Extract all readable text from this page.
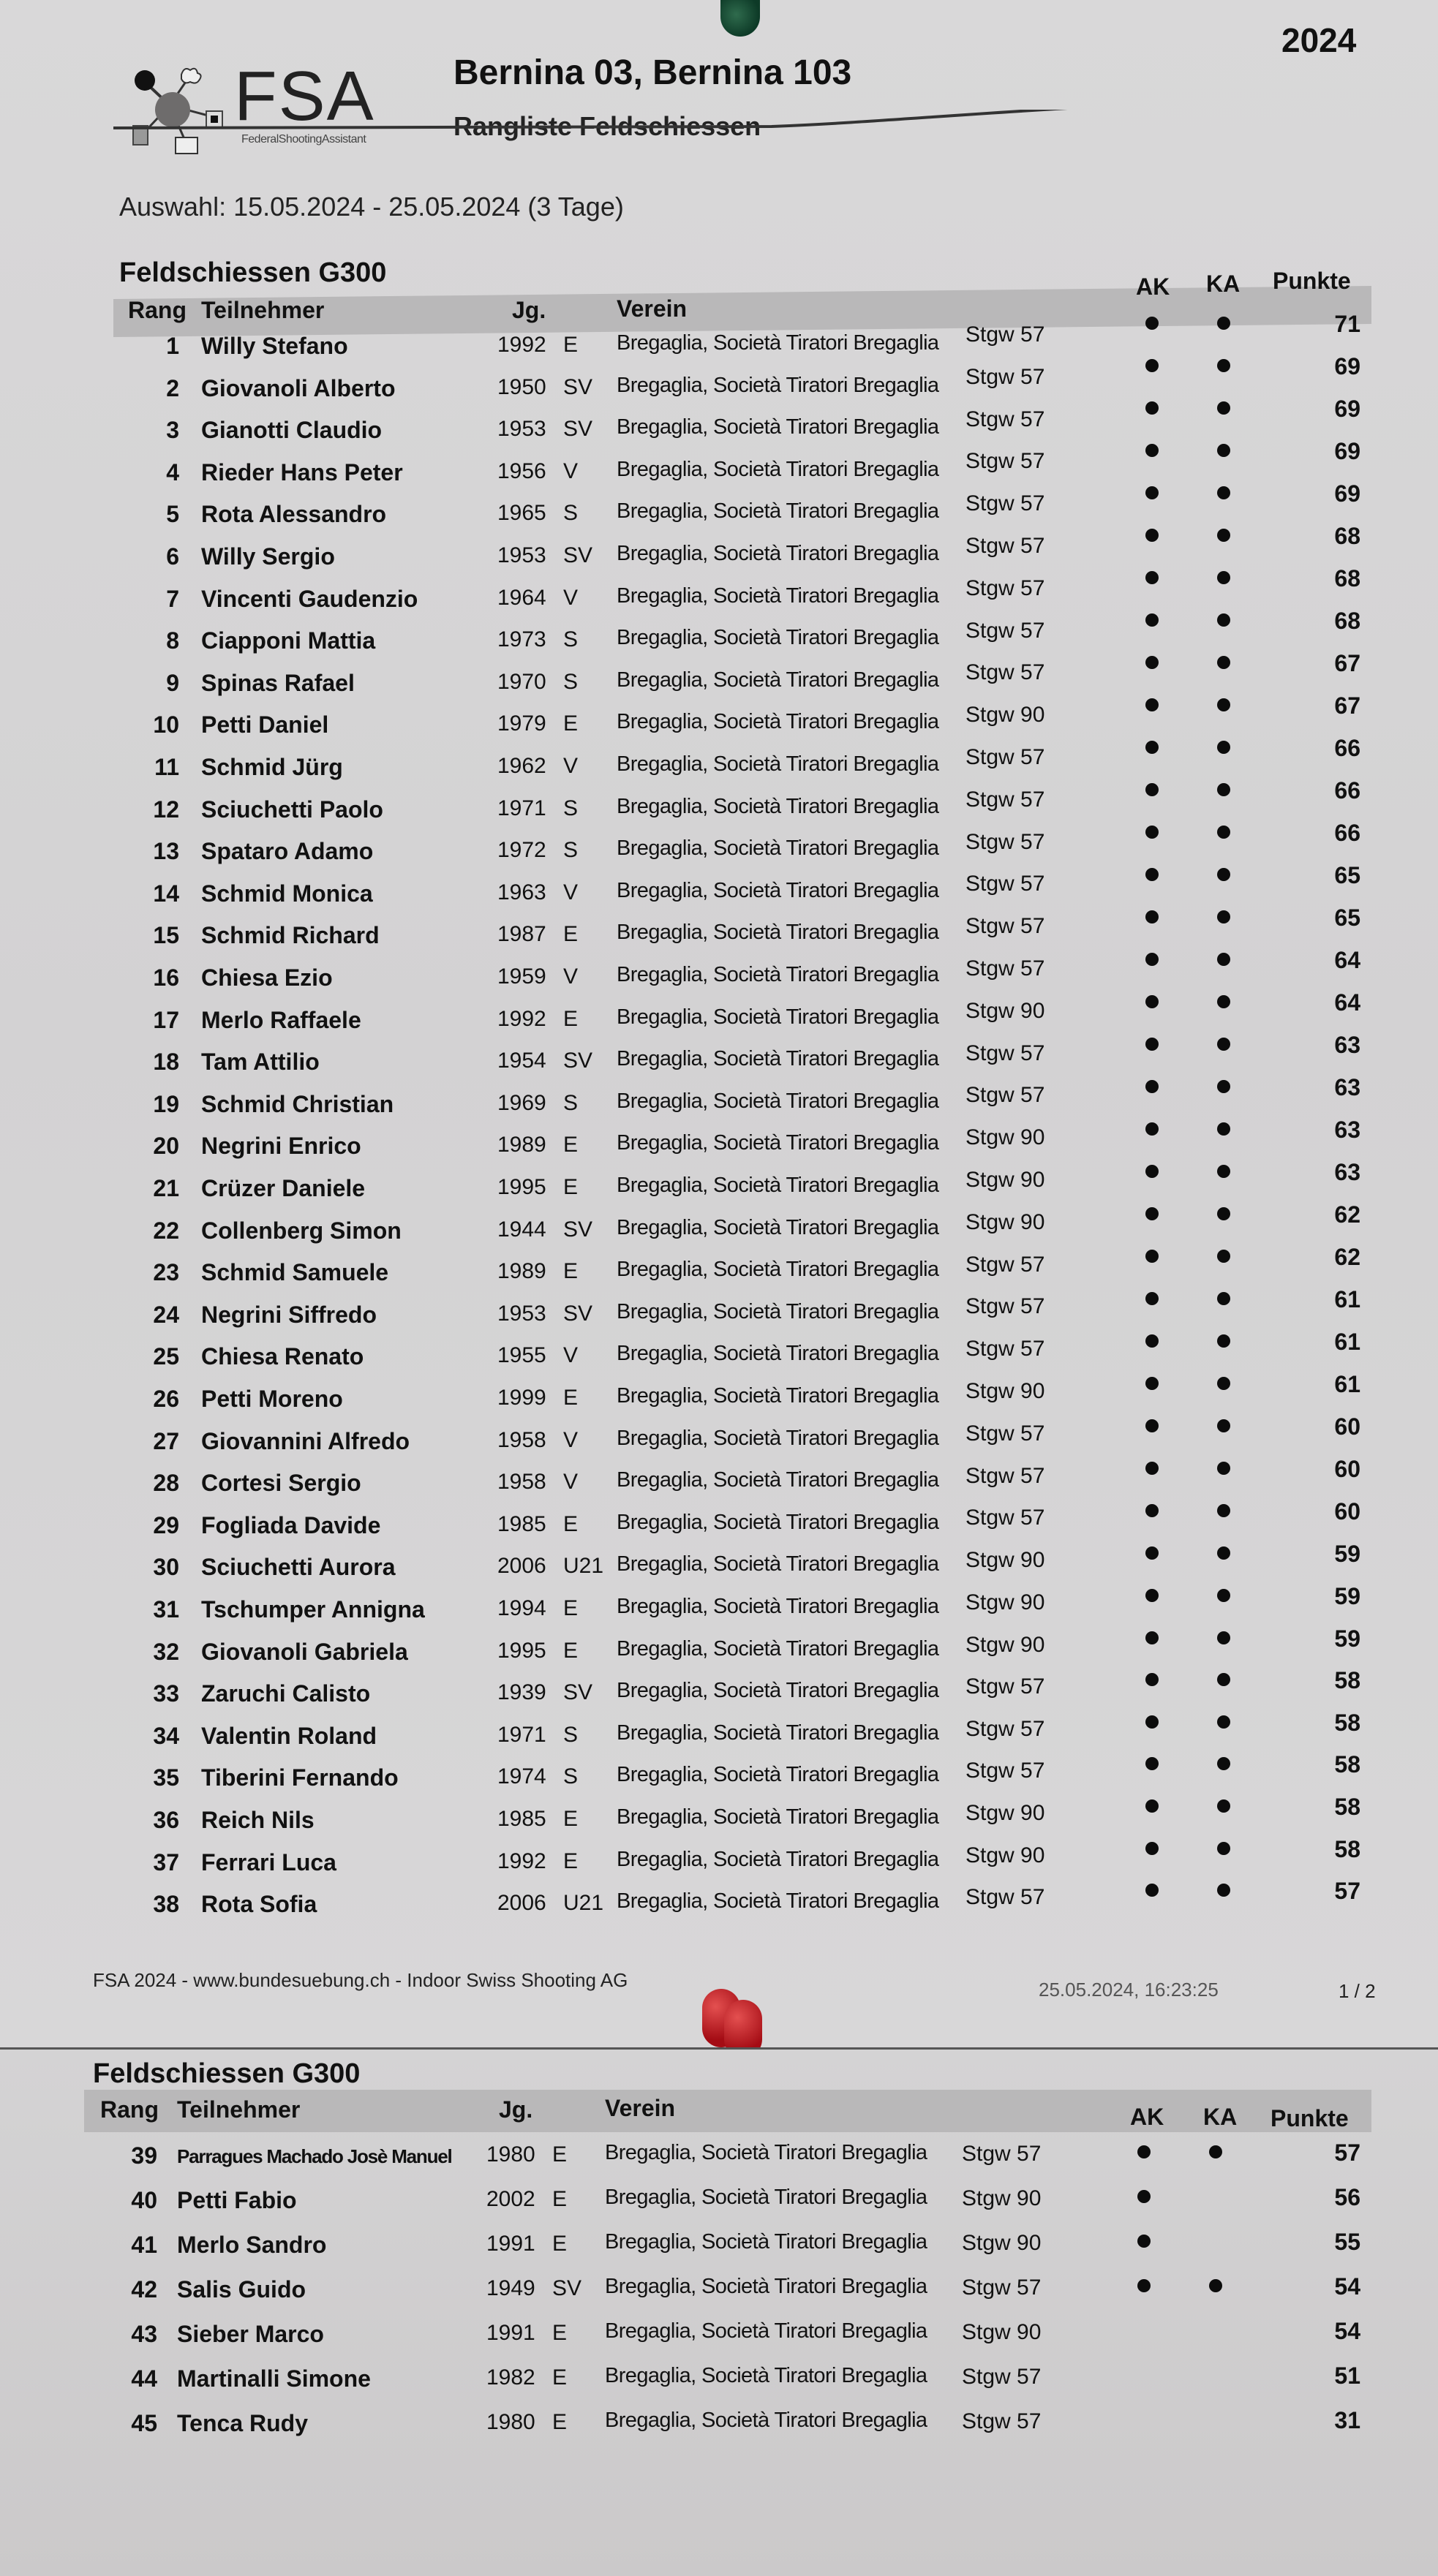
FSA
FederalShootingAssistant
Bernina 03, Bernina 103
Rangliste Feldschiessen
2024
Auswahl: 15.05.2024 - 25.05.2024 (3 Tage)
Feldschiessen G300
Rang Teilnehmer	Jg.	Verein
AK KA Punkte
1 Willy Stefano	1992 E Bregaglia, Società Tiratori Bregaglia Stgw 57	71
2 Giovanoli Alberto	1950 SV Bregaglia, Società Tiratori Bregaglia Stgw 57	69
3 Gianotti Claudio	1953 SV Bregaglia, Società Tiratori Bregaglia Stgw 57	69
4 Rieder Hans Peter	1956 V Bregaglia, Società Tiratori Bregaglia Stgw 57	69
5 Rota Alessandro	1965 S Bregaglia, Società Tiratori Bregaglia Stgw 57	69
6 Willy Sergio	1953 SV Bregaglia, Società Tiratori Bregaglia Stgw 57	68
7 Vincenti Gaudenzio	1964 V Bregaglia, Società Tiratori Bregaglia Stgw 57	68
8 Ciapponi Mattia	1973 S Bregaglia, Società Tiratori Bregaglia Stgw 57	68
9 Spinas Rafael	1970 S Bregaglia, Società Tiratori Bregaglia Stgw 57	67
10 Petti Daniel	1979 E Bregaglia, Società Tiratori Bregaglia Stgw 90	67
11 Schmid Jürg	1962 V Bregaglia, Società Tiratori Bregaglia Stgw 57	66
12 Sciuchetti Paolo	1971 S Bregaglia, Società Tiratori Bregaglia Stgw 57	66
13 Spataro Adamo	1972 S Bregaglia, Società Tiratori Bregaglia Stgw 57	66
14 Schmid Monica	1963 V Bregaglia, Società Tiratori Bregaglia Stgw 57	65
15 Schmid Richard	1987 E Bregaglia, Società Tiratori Bregaglia Stgw 57	65
16 Chiesa Ezio	1959 V Bregaglia, Società Tiratori Bregaglia Stgw 57	64
17 Merlo Raffaele	1992 E Bregaglia, Società Tiratori Bregaglia Stgw 90	64
18 Tam Attilio	1954 SV Bregaglia, Società Tiratori Bregaglia Stgw 57	63
19 Schmid Christian	1969 S Bregaglia, Società Tiratori Bregaglia Stgw 57	63
20 Negrini Enrico	1989 E Bregaglia, Società Tiratori Bregaglia Stgw 90	63
21 Crüzer Daniele	1995 E Bregaglia, Società Tiratori Bregaglia Stgw 90	63
22 Collenberg Simon	1944 SV Bregaglia, Società Tiratori Bregaglia Stgw 90	62
23 Schmid Samuele	1989 E Bregaglia, Società Tiratori Bregaglia Stgw 57	62
24 Negrini Siffredo	1953 SV Bregaglia, Società Tiratori Bregaglia Stgw 57	61
25 Chiesa Renato	1955 V Bregaglia, Società Tiratori Bregaglia Stgw 57	61
26 Petti Moreno	1999 E Bregaglia, Società Tiratori Bregaglia Stgw 90	61
27 Giovannini Alfredo	1958 V Bregaglia, Società Tiratori Bregaglia Stgw 57	60
28 Cortesi Sergio	1958 V Bregaglia, Società Tiratori Bregaglia Stgw 57	60
29 Fogliada Davide	1985 E Bregaglia, Società Tiratori Bregaglia Stgw 57	60
30 Sciuchetti Aurora	2006 U21 Bregaglia, Società Tiratori Bregaglia Stgw 90	59
31 Tschumper Annigna	1994 E Bregaglia, Società Tiratori Bregaglia Stgw 90	59
32 Giovanoli Gabriela	1995 E Bregaglia, Società Tiratori Bregaglia Stgw 90	59
33 Zaruchi Calisto	1939 SV Bregaglia, Società Tiratori Bregaglia Stgw 57	58
34 Valentin Roland	1971 S Bregaglia, Società Tiratori Bregaglia Stgw 57	58
35 Tiberini Fernando	1974 S Bregaglia, Società Tiratori Bregaglia Stgw 57	58
36 Reich Nils	1985 E Bregaglia, Società Tiratori Bregaglia Stgw 90	58
37 Ferrari Luca	1992 E Bregaglia, Società Tiratori Bregaglia Stgw 90	58
38 Rota Sofia	2006 U21 Bregaglia, Società Tiratori Bregaglia Stgw 57	57
FSA 2024 - www.bundesuebung.ch - Indoor Swiss Shooting AG	25.05.2024, 16:23:25	1 / 2
Feldschiessen G300
Rang Teilnehmer	Jg.	Verein	AK KA Punkte
39 Parragues Machado Josè Manuel 1980 E Bregaglia, Società Tiratori Bregaglia Stgw 57	57
40 Petti Fabio	2002 E Bregaglia, Società Tiratori Bregaglia Stgw 90	56
41 Merlo Sandro	1991 E Bregaglia, Società Tiratori Bregaglia Stgw 90	55
42 Salis Guido	1949 SV Bregaglia, Società Tiratori Bregaglia Stgw 57	54
43 Sieber Marco	1991 E Bregaglia, Società Tiratori Bregaglia Stgw 90	54
44 Martinalli Simone	1982 E Bregaglia, Società Tiratori Bregaglia Stgw 57	51
45 Tenca Rudy	1980 E Bregaglia, Società Tiratori Bregaglia Stgw 57	31
